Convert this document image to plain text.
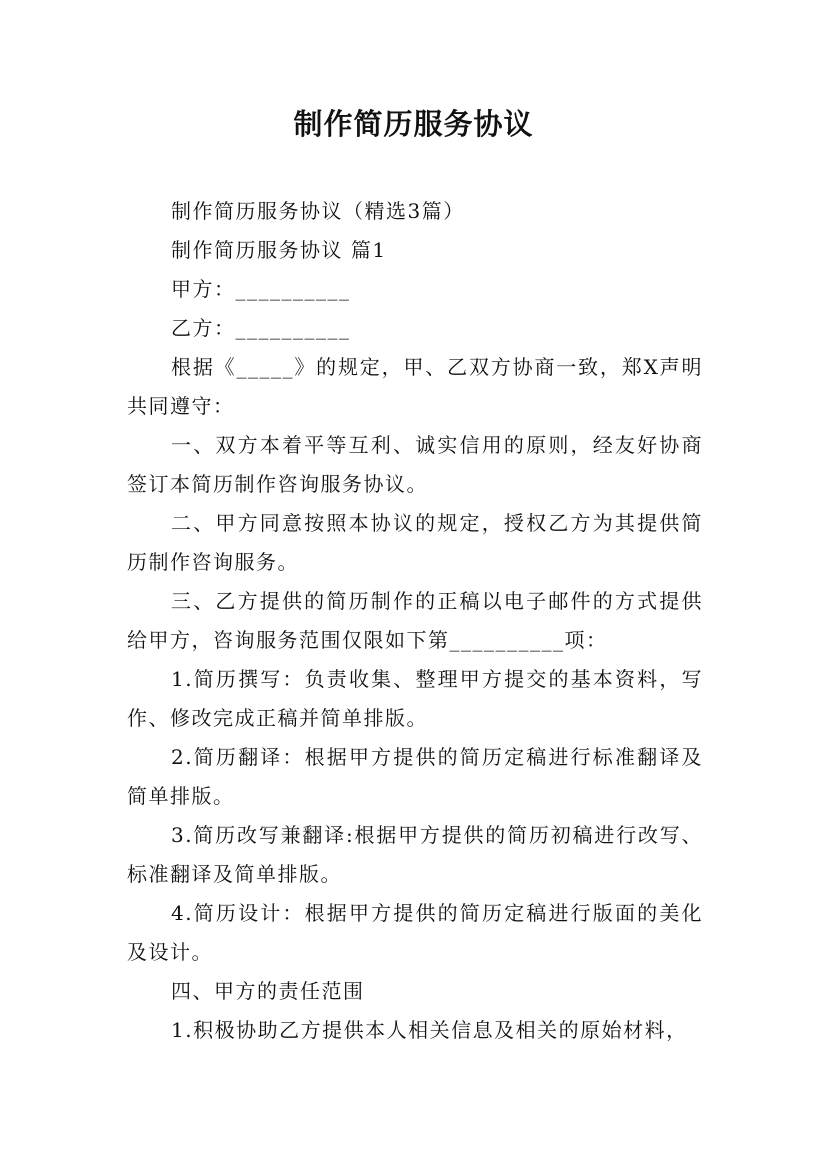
制作简历服务协议

制作简历服务协议（精选3篇）

制作简历服务协议 篇1

甲方：__________

乙方：__________

根据《_____》的规定，甲、乙双方协商一致，郑X声明共同遵守：

一、双方本着平等互利、诚实信用的原则，经友好协商签订本简历制作咨询服务协议。

二、甲方同意按照本协议的规定，授权乙方为其提供简历制作咨询服务。

三、乙方提供的简历制作的正稿以电子邮件的方式提供给甲方，咨询服务范围仅限如下第__________项：

1.简历撰写：负责收集、整理甲方提交的基本资料，写作、修改完成正稿并简单排版。

2.简历翻译：根据甲方提供的简历定稿进行标准翻译及简单排版。

3.简历改写兼翻译:根据甲方提供的简历初稿进行改写、标准翻译及简单排版。

4.简历设计：根据甲方提供的简历定稿进行版面的美化及设计。

四、甲方的责任范围

1.积极协助乙方提供本人相关信息及相关的原始材料，
